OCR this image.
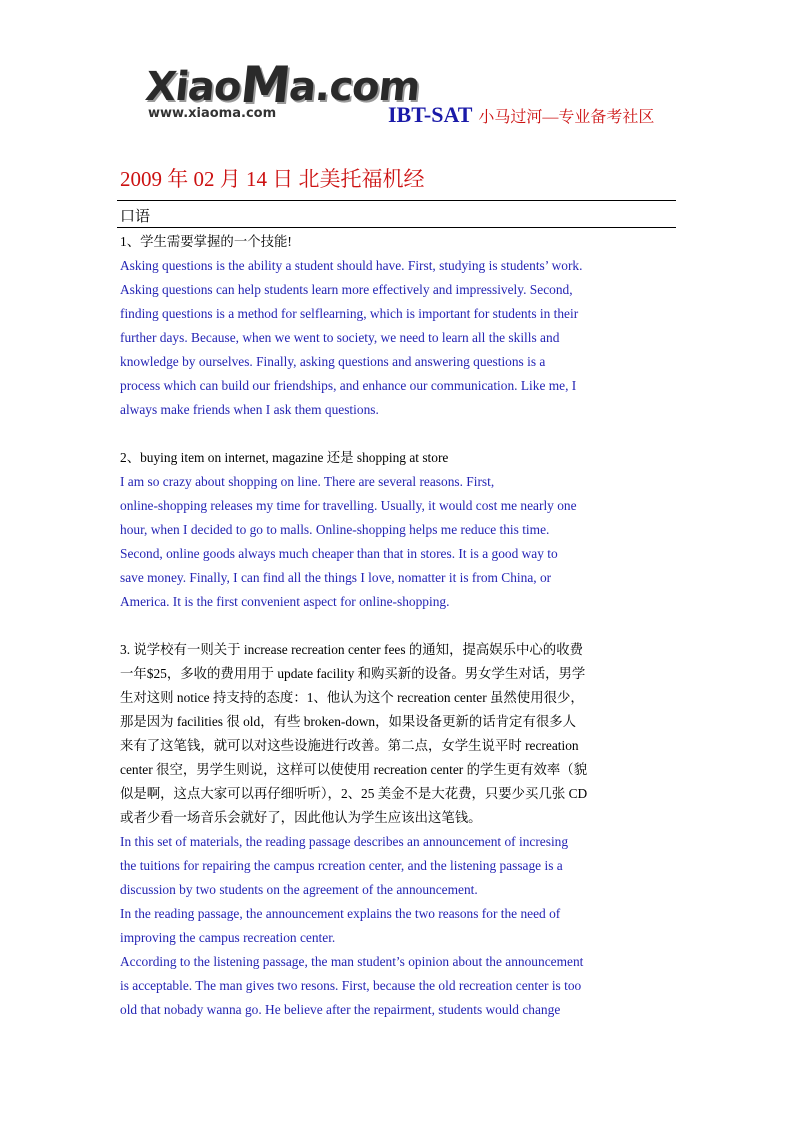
XiaoMa.com
www.xiaoma.com	IBT-SAT 小马过河—专业备考社区
2009 年 02 月 14 日 北美托福机经
口语

1、学生需要掌握的一个技能!

Asking questions is the ability a student should have. First, studying is students’ work.
Asking questions can help students learn more effectively and impressively. Second,
finding questions is a method for selflearning, which is important for students in their
further days. Because, when we went to society, we need to learn all the skills and
knowledge by ourselves. Finally, asking questions and answering questions is a
process which can build our friendships, and enhance our communication. Like me, I
always make friends when I ask them questions.

2、buying item on internet, magazine 还是 shopping at store

I am so crazy about shopping on line. There are several reasons. First,
online-shopping releases my time for travelling. Usually, it would cost me nearly one
hour, when I decided to go to malls. Online-shopping helps me reduce this time.
Second, online goods always much cheaper than that in stores. It is a good way to
save money. Finally, I can find all the things I love, nomatter it is from China, or
America. It is the first convenient aspect for online-shopping.
3. 说学校有一则关于 increase recreation center fees 的通知，提高娱乐中心的收费
一年$25，多收的费用用于 update facility 和购买新的设备。男女学生对话，男学
生对这则 notice 持支持的态度：1、他认为这个 recreation center 虽然使用很少，
那是因为 facilities 很 old，有些 broken-down，如果设备更新的话肯定有很多人
来有了这笔钱，就可以对这些设施进行改善。第二点，女学生说平时 recreation
center 很空，男学生则说，这样可以使使用 recreation center 的学生更有效率（貌
似是啊，这点大家可以再仔细听听），2、25 美金不是大花费，只要少买几张 CD
或者少看一场音乐会就好了，因此他认为学生应该出这笔钱。
In this set of materials, the reading passage describes an announcement of incresing
the tuitions for repairing the campus rcreation center, and the listening passage is a
discussion by two students on the agreement of the announcement.
In the reading passage, the announcement explains the two reasons for the need of
improving the campus recreation center.
According to the listening passage, the man student’s opinion about the announcement
is acceptable. The man gives two resons. First, because the old recreation center is too
old that nobady wanna go. He believe after the repairment, students would change
